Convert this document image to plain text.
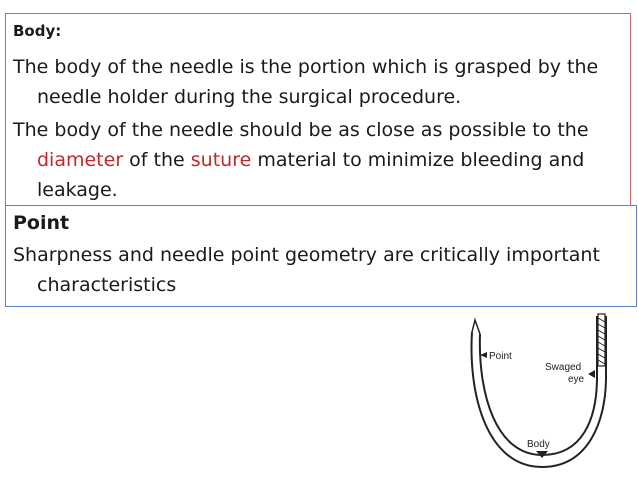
Body:
The body of the needle is the portion which is grasped by the needle holder during the surgical procedure.
The body of the needle should be as close as possible to the diameter of the suture material to minimize bleeding and leakage.
Point
Sharpness and needle point geometry are critically important characteristics
Point
Swaged
eye
Body
